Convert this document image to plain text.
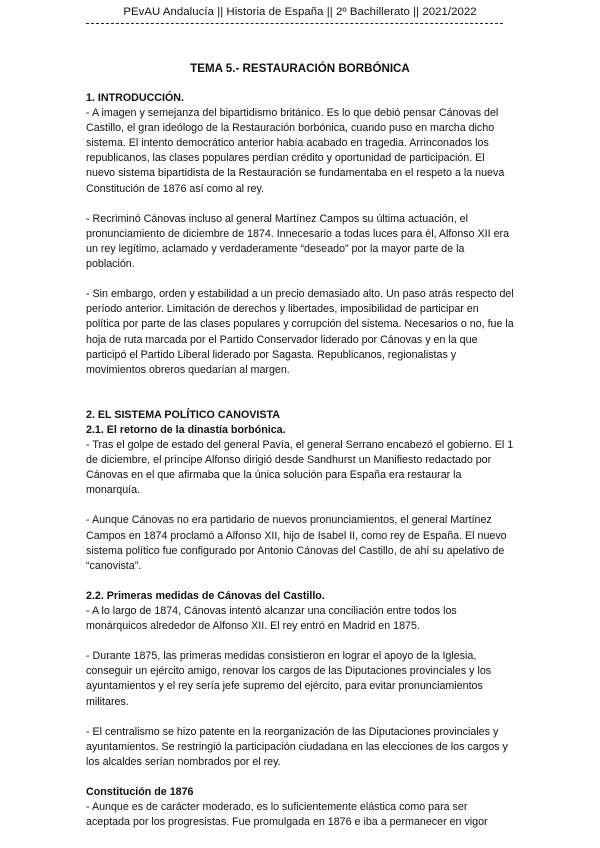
PEvAU Andalucía || Historia de España || 2º Bachillerato || 2021/2022
TEMA 5.- RESTAURACIÓN BORBÓNICA

1. INTRODUCCIÓN.

- A imagen y semejanza del bipartidismo británico. Es lo que debió pensar Cánovas del Castillo, el gran ideólogo de la Restauración borbónica, cuando puso en marcha dicho sistema. El intento democrático anterior había acabado en tragedia. Arrinconados los republicanos, las clases populares perdían crédito y oportunidad de participación. El nuevo sistema bipartidista de la Restauración se fundamentaba en el respeto a la nueva Constitución de 1876 así como al rey.

- Recriminó Cánovas incluso al general Martínez Campos su última actuación, el pronunciamiento de diciembre de 1874. Innecesario a todas luces para él, Alfonso XII era un rey legítimo, aclamado y verdaderamente “deseado” por la mayor parte de la población.

- Sin embargo, orden y estabilidad a un precio demasiado alto. Un paso atrás respecto del período anterior. Limitación de derechos y libertades, imposibilidad de participar en política por parte de las clases populares y corrupción del sistema. Necesarios o no, fue la hoja de ruta marcada por el Partido Conservador liderado por Cánovas y en la que participó el Partido Liberal liderado por Sagasta. Republicanos, regionalistas y movimientos obreros quedarían al margen.

2. EL SISTEMA POLÍTICO CANOVISTA

2.1. El retorno de la dinastía borbónica.

- Tras el golpe de estado del general Pavía, el general Serrano encabezó el gobierno. El 1 de diciembre, el príncipe Alfonso dirigió desde Sandhurst un Manifiesto redactado por Cánovas en el que afirmaba que la única solución para España era restaurar la monarquía.

- Aunque Cánovas no era partidario de nuevos pronunciamientos, el general Martínez Campos en 1874 proclamó a Alfonso XII, hijo de Isabel II, como rey de España. El nuevo sistema político fue configurado por Antonio Cánovas del Castillo, de ahí su apelativo de “canovista”.

2.2. Primeras medidas de Cánovas del Castillo.

- A lo largo de 1874, Cánovas intentó alcanzar una conciliación entre todos los monárquicos alrededor de Alfonso XII. El rey entró en Madrid en 1875.

- Durante 1875, las primeras medidas consistieron en lograr el apoyo de la Iglesia, conseguir un ejército amigo, renovar los cargos de las Diputaciones provinciales y los ayuntamientos y el rey sería jefe supremo del ejército, para evitar pronunciamientos militares.

- El centralismo se hizo patente en la reorganización de las Diputaciones provinciales y ayuntamientos. Se restringió la participación ciudadana en las elecciones de los cargos y los alcaldes serían nombrados por el rey.

Constitución de 1876

- Aunque es de carácter moderado, es lo suficientemente elástica como para ser aceptada por los progresistas. Fue promulgada en 1876 e iba a permanecer en vigor
